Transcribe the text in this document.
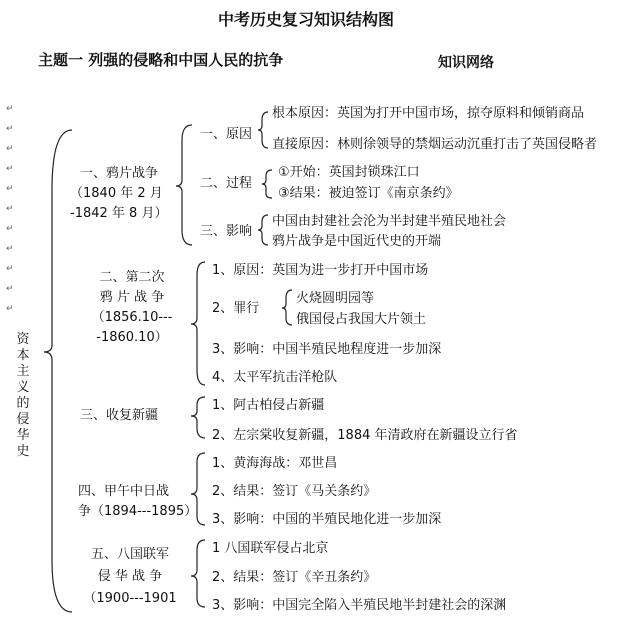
中考历史复习知识结构图
主题一 列强的侵略和中国人民的抗争	知识网络
↵
↵
↵
↵
↵
↵
↵
↵
↵
↵
↵
资
本
主
义
的
侵
华
史
一、鸦片战争
（1840 年 2 月
-1842 年 8 月）
一、原因
根本原因：英国为打开中国市场，掠夺原料和倾销商品
直接原因：林则徐领导的禁烟运动沉重打击了英国侵略者
二、过程
①开始：英国封锁珠江口
③结果：被迫签订《南京条约》
三、影响
中国由封建社会沦为半封建半殖民地社会
鸦片战争是中国近代史的开端
二、第二次
鸦 片 战 争
（1856.10---
-1860.10）
1、原因：英国为进一步打开中国市场
2、罪行
火烧圆明园等
俄国侵占我国大片领土
3、影响：中国半殖民地程度进一步加深
4、太平军抗击洋枪队
三、收复新疆
1、阿古柏侵占新疆
2、左宗棠收复新疆，1884 年清政府在新疆设立行省
四、甲午中日战
争（1894---1895）
1、黄海海战：邓世昌
2、结果：签订《马关条约》
3、影响：中国的半殖民地化进一步加深
五、八国联军
侵 华 战 争
（1900---1901
1 八国联军侵占北京
2、结果：签订《辛丑条约》
3、影响：中国完全陷入半殖民地半封建社会的深渊
